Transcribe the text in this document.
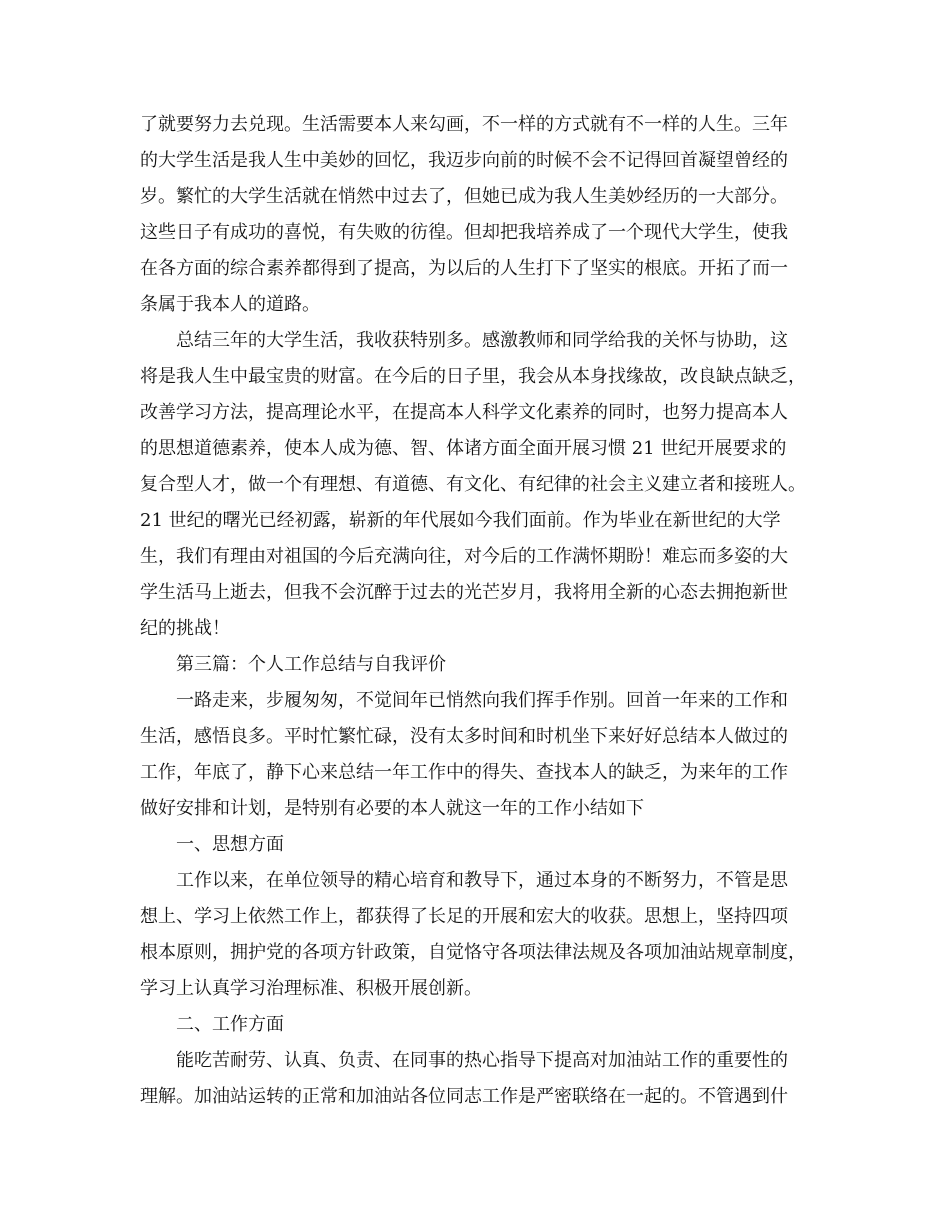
了就要努力去兑现。生活需要本人来勾画，不一样的方式就有不一样的人生。三年
的大学生活是我人生中美妙的回忆，我迈步向前的时候不会不记得回首凝望曾经的
岁。繁忙的大学生活就在悄然中过去了，但她已成为我人生美妙经历的一大部分。
这些日子有成功的喜悦，有失败的彷徨。但却把我培养成了一个现代大学生，使我
在各方面的综合素养都得到了提高，为以后的人生打下了坚实的根底。开拓了而一
条属于我本人的道路。
总结三年的大学生活，我收获特别多。感激教师和同学给我的关怀与协助，这
将是我人生中最宝贵的财富。在今后的日子里，我会从本身找缘故，改良缺点缺乏，
改善学习方法，提高理论水平，在提高本人科学文化素养的同时，也努力提高本人
的思想道德素养，使本人成为德、智、体诸方面全面开展习惯 21 世纪开展要求的
复合型人才，做一个有理想、有道德、有文化、有纪律的社会主义建立者和接班人。
21 世纪的曙光已经初露，崭新的年代展如今我们面前。作为毕业在新世纪的大学
生，我们有理由对祖国的今后充满向往，对今后的工作满怀期盼！难忘而多姿的大
学生活马上逝去，但我不会沉醉于过去的光芒岁月，我将用全新的心态去拥抱新世
纪的挑战！
第三篇：个人工作总结与自我评价
一路走来，步履匆匆，不觉间年已悄然向我们挥手作别。回首一年来的工作和
生活，感悟良多。平时忙繁忙碌，没有太多时间和时机坐下来好好总结本人做过的
工作，年底了，静下心来总结一年工作中的得失、查找本人的缺乏，为来年的工作
做好安排和计划，是特别有必要的本人就这一年的工作小结如下
一、思想方面
工作以来，在单位领导的精心培育和教导下，通过本身的不断努力，不管是思
想上、学习上依然工作上，都获得了长足的开展和宏大的收获。思想上，坚持四项
根本原则，拥护党的各项方针政策，自觉恪守各项法律法规及各项加油站规章制度，
学习上认真学习治理标准、积极开展创新。
二、工作方面
能吃苦耐劳、认真、负责、在同事的热心指导下提高对加油站工作的重要性的
理解。加油站运转的正常和加油站各位同志工作是严密联络在一起的。不管遇到什
